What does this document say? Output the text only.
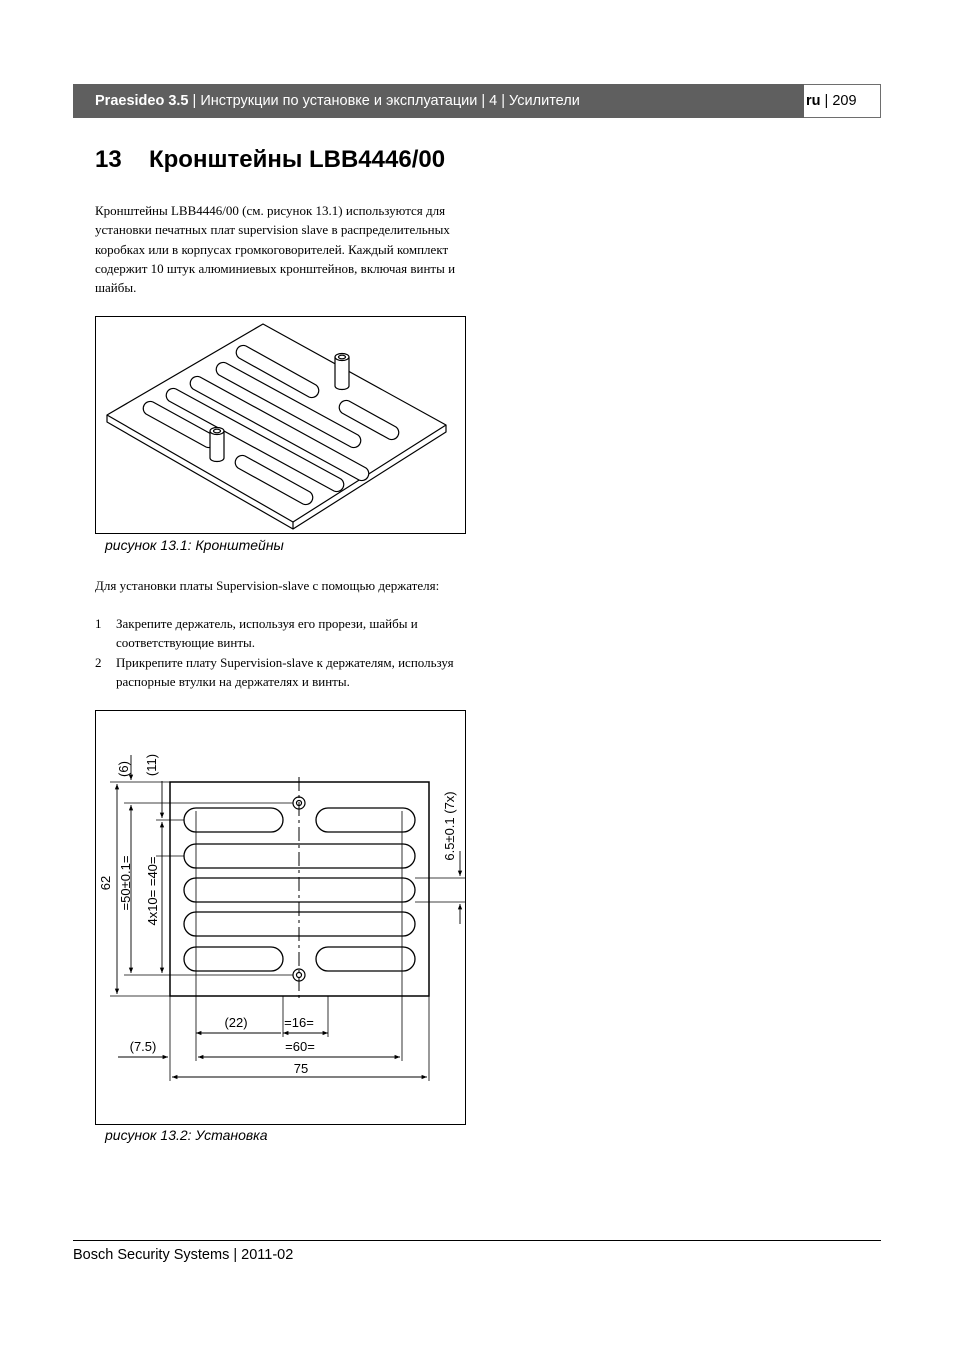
Praesideo 3.5 | Инструкции по установке и эксплуатации | 4 | Усилители	ru | 209
13 Кронштейны LBB4446/00
Кронштейны LBB4446/00 (см. рисунок 13.1) используются для установки печатных плат supervision slave в распределительных коробках или в корпусах громкоговорителей. Каждый комплект содержит 10 штук алюминиевых кронштейнов, включая винты и шайбы.
рисунок 13.1: Кронштейны
Для установки платы Supervision-slave с помощью держателя:
1	Закрепите держатель, используя его прорези, шайбы и соответствующие винты.
2	Прикрепите плату Supervision-slave к держателям, используя распорные втулки на держателях и винты.
(6) (11)
62 =50±0.1= 4x10= =40=
6.5±0.1 (7x)
(22)	=16=
(7.5)	=60=
75
рисунок 13.2: Установка
Bosch Security Systems | 2011-02
